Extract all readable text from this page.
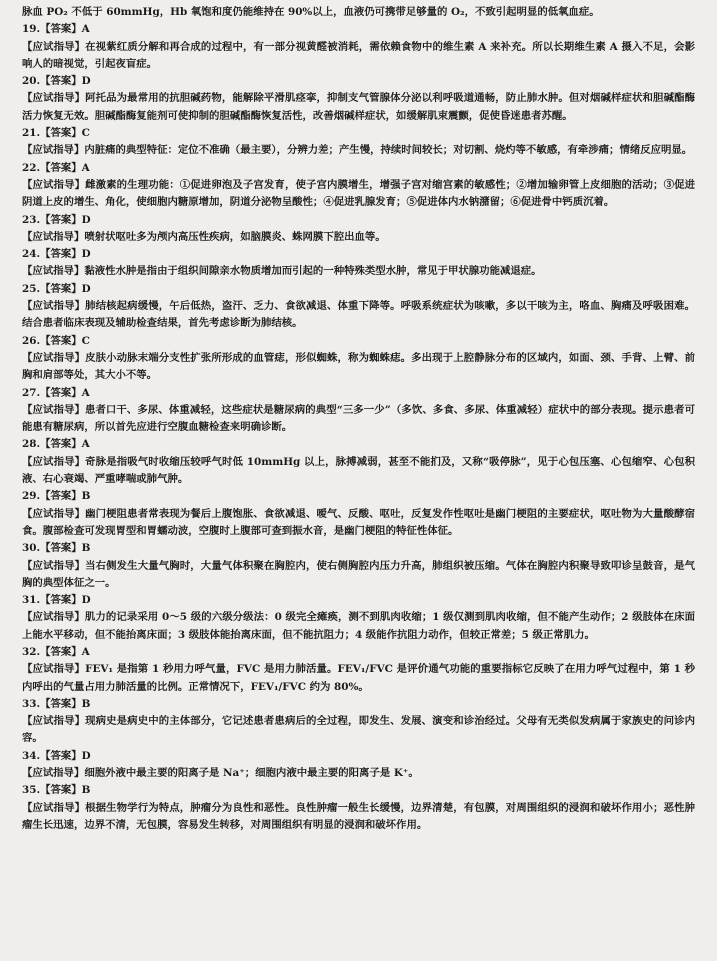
脉血 PO₂ 不低于 60mmHg，Hb 氧饱和度仍能维持在 90%以上，血液仍可携带足够量的 O₂，不致引起明显的低氧血症。

19.【答案】A

【应试指导】在视紫红质分解和再合成的过程中，有一部分视黄醛被消耗，需依赖食物中的维生素 A 来补充。所以长期维生素 A 摄入不足，会影响人的暗视觉，引起夜盲症。

20.【答案】D

【应试指导】阿托品为最常用的抗胆碱药物，能解除平滑肌痉挛，抑制支气管腺体分泌以利呼吸道通畅，防止肺水肿。但对烟碱样症状和胆碱酯酶活力恢复无效。胆碱酯酶复能剂可使抑制的胆碱酯酶恢复活性，改善烟碱样症状，如缓解肌束震颤，促使昏迷患者苏醒。

21.【答案】C

【应试指导】内脏痛的典型特征：定位不准确（最主要），分辨力差；产生慢，持续时间较长；对切割、烧灼等不敏感，有牵涉痛；情绪反应明显。

22.【答案】A

【应试指导】雌激素的生理功能：①促进卵泡及子宫发育，使子宫内膜增生，增强子宫对缩宫素的敏感性；②增加输卵管上皮细胞的活动；③促进阴道上皮的增生、角化，使细胞内糖原增加，阴道分泌物呈酸性；④促进乳腺发育；⑤促进体内水钠潴留；⑥促进骨中钙质沉着。

23.【答案】D

【应试指导】喷射状呕吐多为颅内高压性疾病，如脑膜炎、蛛网膜下腔出血等。

24.【答案】D

【应试指导】黏液性水肿是指由于组织间隙亲水物质增加而引起的一种特殊类型水肿，常见于甲状腺功能减退症。

25.【答案】D

【应试指导】肺结核起病缓慢，午后低热，盗汗、乏力、食欲减退、体重下降等。呼吸系统症状为咳嗽，多以干咳为主，咯血、胸痛及呼吸困难。结合患者临床表现及辅助检查结果，首先考虑诊断为肺结核。

26.【答案】C

【应试指导】皮肤小动脉末端分支性扩张所形成的血管痣，形似蜘蛛，称为蜘蛛痣。多出现于上腔静脉分布的区域内，如面、颈、手背、上臂、前胸和肩部等处，其大小不等。

27.【答案】A

【应试指导】患者口干、多尿、体重减轻，这些症状是糖尿病的典型“三多一少”（多饮、多食、多尿、体重减轻）症状中的部分表现。提示患者可能患有糖尿病，所以首先应进行空腹血糖检查来明确诊断。

28.【答案】A

【应试指导】奇脉是指吸气时收缩压较呼气时低 10mmHg 以上，脉搏减弱，甚至不能扪及，又称“吸停脉”，见于心包压塞、心包缩窄、心包积液、右心衰竭、严重哮喘或肺气肿。

29.【答案】B

【应试指导】幽门梗阻患者常表现为餐后上腹饱胀、食欲减退、嗳气、反酸、呕吐，反复发作性呕吐是幽门梗阻的主要症状，呕吐物为大量酸酵宿食。腹部检查可发现胃型和胃蠕动波，空腹时上腹部可查到振水音，是幽门梗阻的特征性体征。

30.【答案】B

【应试指导】当右侧发生大量气胸时，大量气体积聚在胸腔内，使右侧胸腔内压力升高，肺组织被压缩。气体在胸腔内积聚导致叩诊呈鼓音，是气胸的典型体征之一。

31.【答案】D

【应试指导】肌力的记录采用 0～5 级的六级分级法：0 级完全瘫痪，测不到肌肉收缩；1 级仅测到肌肉收缩，但不能产生动作；2 级肢体在床面上能水平移动，但不能抬离床面；3 级肢体能抬离床面，但不能抗阻力；4 级能作抗阻力动作，但较正常差；5 级正常肌力。

32.【答案】A

【应试指导】FEV₁ 是指第 1 秒用力呼气量，FVC 是用力肺活量。FEV₁/FVC 是评价通气功能的重要指标它反映了在用力呼气过程中，第 1 秒内呼出的气量占用力肺活量的比例。正常情况下，FEV₁/FVC 约为 80%。

33.【答案】B

【应试指导】现病史是病史中的主体部分，它记述患者患病后的全过程，即发生、发展、演变和诊治经过。父母有无类似发病属于家族史的问诊内容。

34.【答案】D

【应试指导】细胞外液中最主要的阳离子是 Na⁺；细胞内液中最主要的阳离子是 K⁺。

35.【答案】B

【应试指导】根据生物学行为特点，肿瘤分为良性和恶性。良性肿瘤一般生长缓慢，边界清楚，有包膜，对周围组织的浸润和破坏作用小；恶性肿瘤生长迅速，边界不清，无包膜，容易发生转移，对周围组织有明显的浸润和破坏作用。
